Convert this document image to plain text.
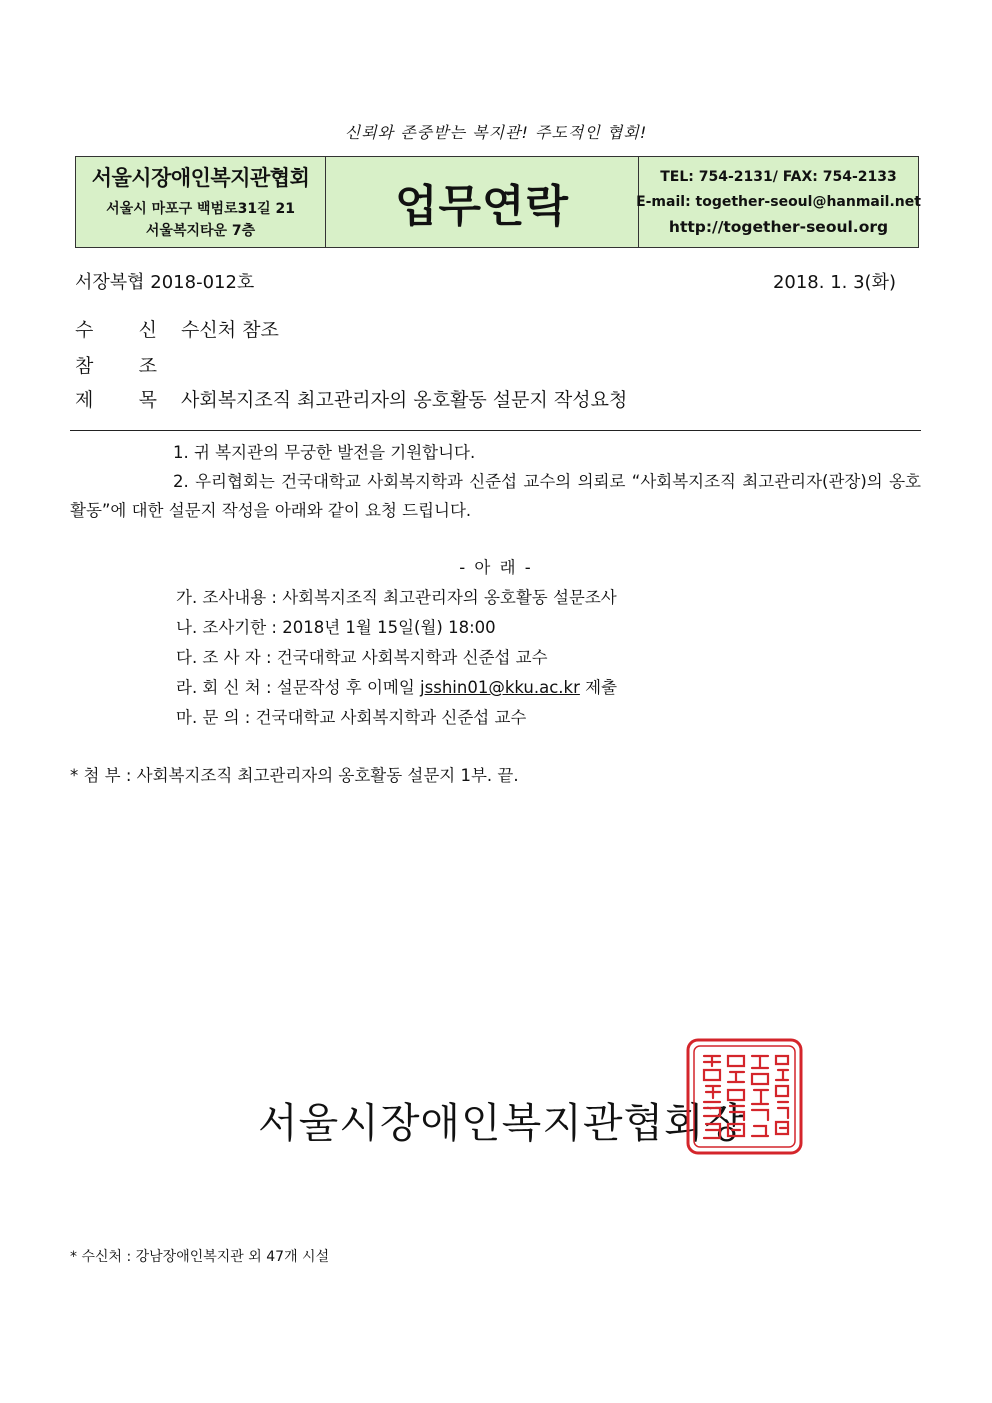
신뢰와 존중받는 복지관! 주도적인 협회!
서울시장애인복지관협회
서울시 마포구 백범로31길 21
서울복지타운 7층	업무연락
TEL: 754-2131/ FAX: 754-2133
E-mail: together-seoul@hanmail.net
http://together-seoul.org
서장복협 2018-012호	2018. 1. 3(화)
수 신 수신처 참조
참 조
제 목 사회복지조직 최고관리자의 옹호활동 설문지 작성요청
1. 귀 복지관의 무궁한 발전을 기원합니다.
2. 우리협회는 건국대학교 사회복지학과 신준섭 교수의 의뢰로 “사회복지조직 최고관리자(관장)의 옹호활동”에 대한 설문지 작성을 아래와 같이 요청 드립니다.
- 아 래 -
가. 조사내용 : 사회복지조직 최고관리자의 옹호활동 설문조사
나. 조사기한 : 2018년 1월 15일(월) 18:00
다. 조 사 자 : 건국대학교 사회복지학과 신준섭 교수
라. 회 신 처 : 설문작성 후 이메일 jsshin01@kku.ac.kr 제출
마. 문 의 : 건국대학교 사회복지학과 신준섭 교수
* 첨 부 : 사회복지조직 최고관리자의 옹호활동 설문지 1부. 끝.
서울시장애인복지관협회장
* 수신처 : 강남장애인복지관 외 47개 시설
